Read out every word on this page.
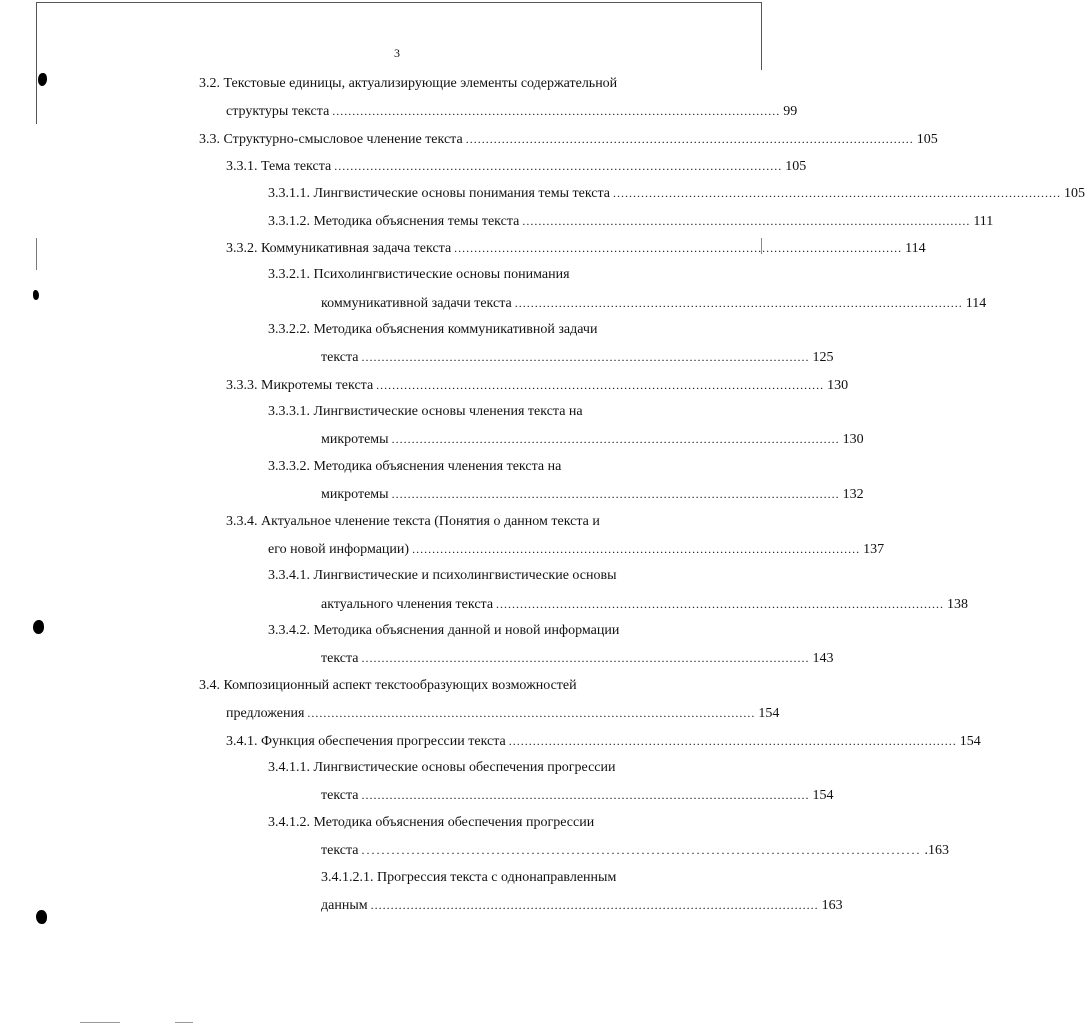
3
3.2. Текстовые единицы, актуализирующие элементы содержательной
структуры текста ................................................................................................................ 99
3.3. Структурно-смысловое членение текста ................................................................................................................ 105
3.3.1. Тема текста ................................................................................................................ 105
3.3.1.1. Лингвистические основы понимания темы текста ................................................................................................................ 105
3.3.1.2. Методика объяснения темы текста ................................................................................................................ 111
3.3.2. Коммуникативная задача текста ................................................................................................................ 114
3.3.2.1. Психолингвистические основы понимания
коммуникативной задачи текста ................................................................................................................ 114
3.3.2.2. Методика объяснения коммуникативной задачи
текста ................................................................................................................ 125
3.3.3. Микротемы текста ................................................................................................................ 130
3.3.3.1. Лингвистические основы членения текста на
микротемы ................................................................................................................ 130
3.3.3.2. Методика объяснения членения текста на
микротемы ................................................................................................................ 132
3.3.4. Актуальное членение текста (Понятия о данном текста и
его новой информации) ................................................................................................................ 137
3.3.4.1. Лингвистические и психолингвистические основы
актуального членения текста ................................................................................................................ 138
3.3.4.2. Методика объяснения данной и новой информации
текста ................................................................................................................ 143
3.4. Композиционный аспект текстообразующих возможностей
предложения ................................................................................................................ 154
3.4.1. Функция обеспечения прогрессии текста ................................................................................................................ 154
3.4.1.1. Лингвистические основы обеспечения прогрессии
текста ................................................................................................................ 154
3.4.1.2. Методика объяснения обеспечения прогрессии
текста ................................................................................................................ .163
3.4.1.2.1. Прогрессия текста с однонаправленным
данным ................................................................................................................ 163
